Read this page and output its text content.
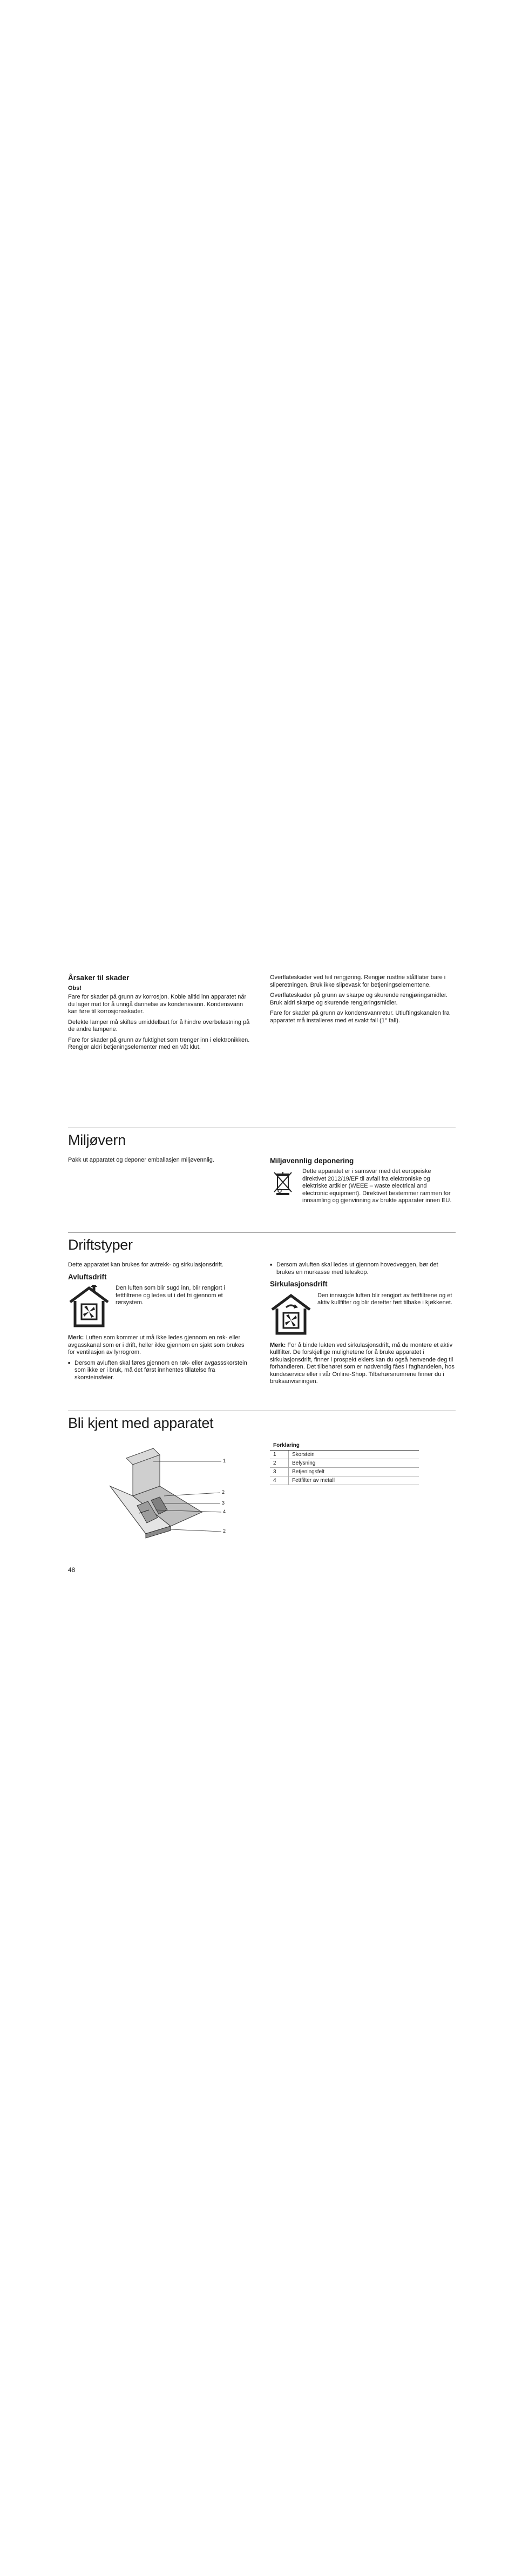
Årsaker til skader
Obs!

Fare for skader på grunn av korrosjon. Koble alltid inn apparatet når du lager mat for å unngå dannelse av kondensvann. Kondensvann kan føre til korrosjonsskader.

Defekte lamper må skiftes umiddelbart for å hindre overbelastning på de andre lampene.

Fare for skader på grunn av fuktighet som trenger inn i elektronikken. Rengjør aldri betjeningselementer med en våt klut.

Overflateskader ved feil rengjøring. Rengjør rustfrie stålflater bare i sliperetningen. Bruk ikke slipevask for betjeningselementene.

Overflateskader på grunn av skarpe og skurende rengjøringsmidler. Bruk aldri skarpe og skurende rengjøringsmidler.

Fare for skader på grunn av kondensvannretur. Utluftingskanalen fra apparatet må installeres med et svakt fall (1° fall).

Miljøvern
Pakk ut apparatet og deponer emballasjen miljøvennlig.	Miljøvennlig deponering
Dette apparatet er i samsvar med det europeiske direktivet 2012/19/EF til avfall fra elektroniske og elektriske artikler (WEEE – waste electrical and electronic equipment). Direktivet bestemmer rammen for innsamling og gjenvinning av brukte apparater innen EU.
Driftstyper

Dette apparatet kan brukes for avtrekk- og sirkulasjonsdrift.

Avluftsdrift
Den luften som blir sugd inn, blir rengjort i fettfiltrene og ledes ut i det fri gjennom et rørsystem.

Merk: Luften som kommer ut må ikke ledes gjennom en røk- eller avgasskanal som er i drift, heller ikke gjennom en sjakt som brukes for ventilasjon av lyrrogrom.

■ Dersom avluften skal føres gjennom en røk- eller avgassskorstein som ikke er i bruk, må det først innhentes tillatelse fra skorsteinsfeier.
■ Dersom avluften skal ledes ut gjennom hovedveggen, bør det brukes en murkasse med teleskop.
Sirkulasjonsdrift
Den innsugde luften blir rengjort av fettfiltrene og et aktiv kullfilter og blir deretter ført tilbake i kjøkkenet.

Merk: For å binde lukten ved sirkulasjonsdrift, må du montere et aktiv kullfilter. De forskjellige mulighetene for å bruke apparatet i sirkulasjonsdrift, finner i prospekt eklers kan du også henvende deg til forhandleren. Det tilbehøret som er nødvendig fåes i faghandelen, hos kundeservice eller i vår Online-Shop. Tilbehørsnumrene finner du i bruksanvisningen.

Bli kjent med apparatet
1
2
3
4
2
Forklaring	
1	Skorstein
2	Belysning
3	Betjeningsfelt
4	Fettfilter av metall
48
